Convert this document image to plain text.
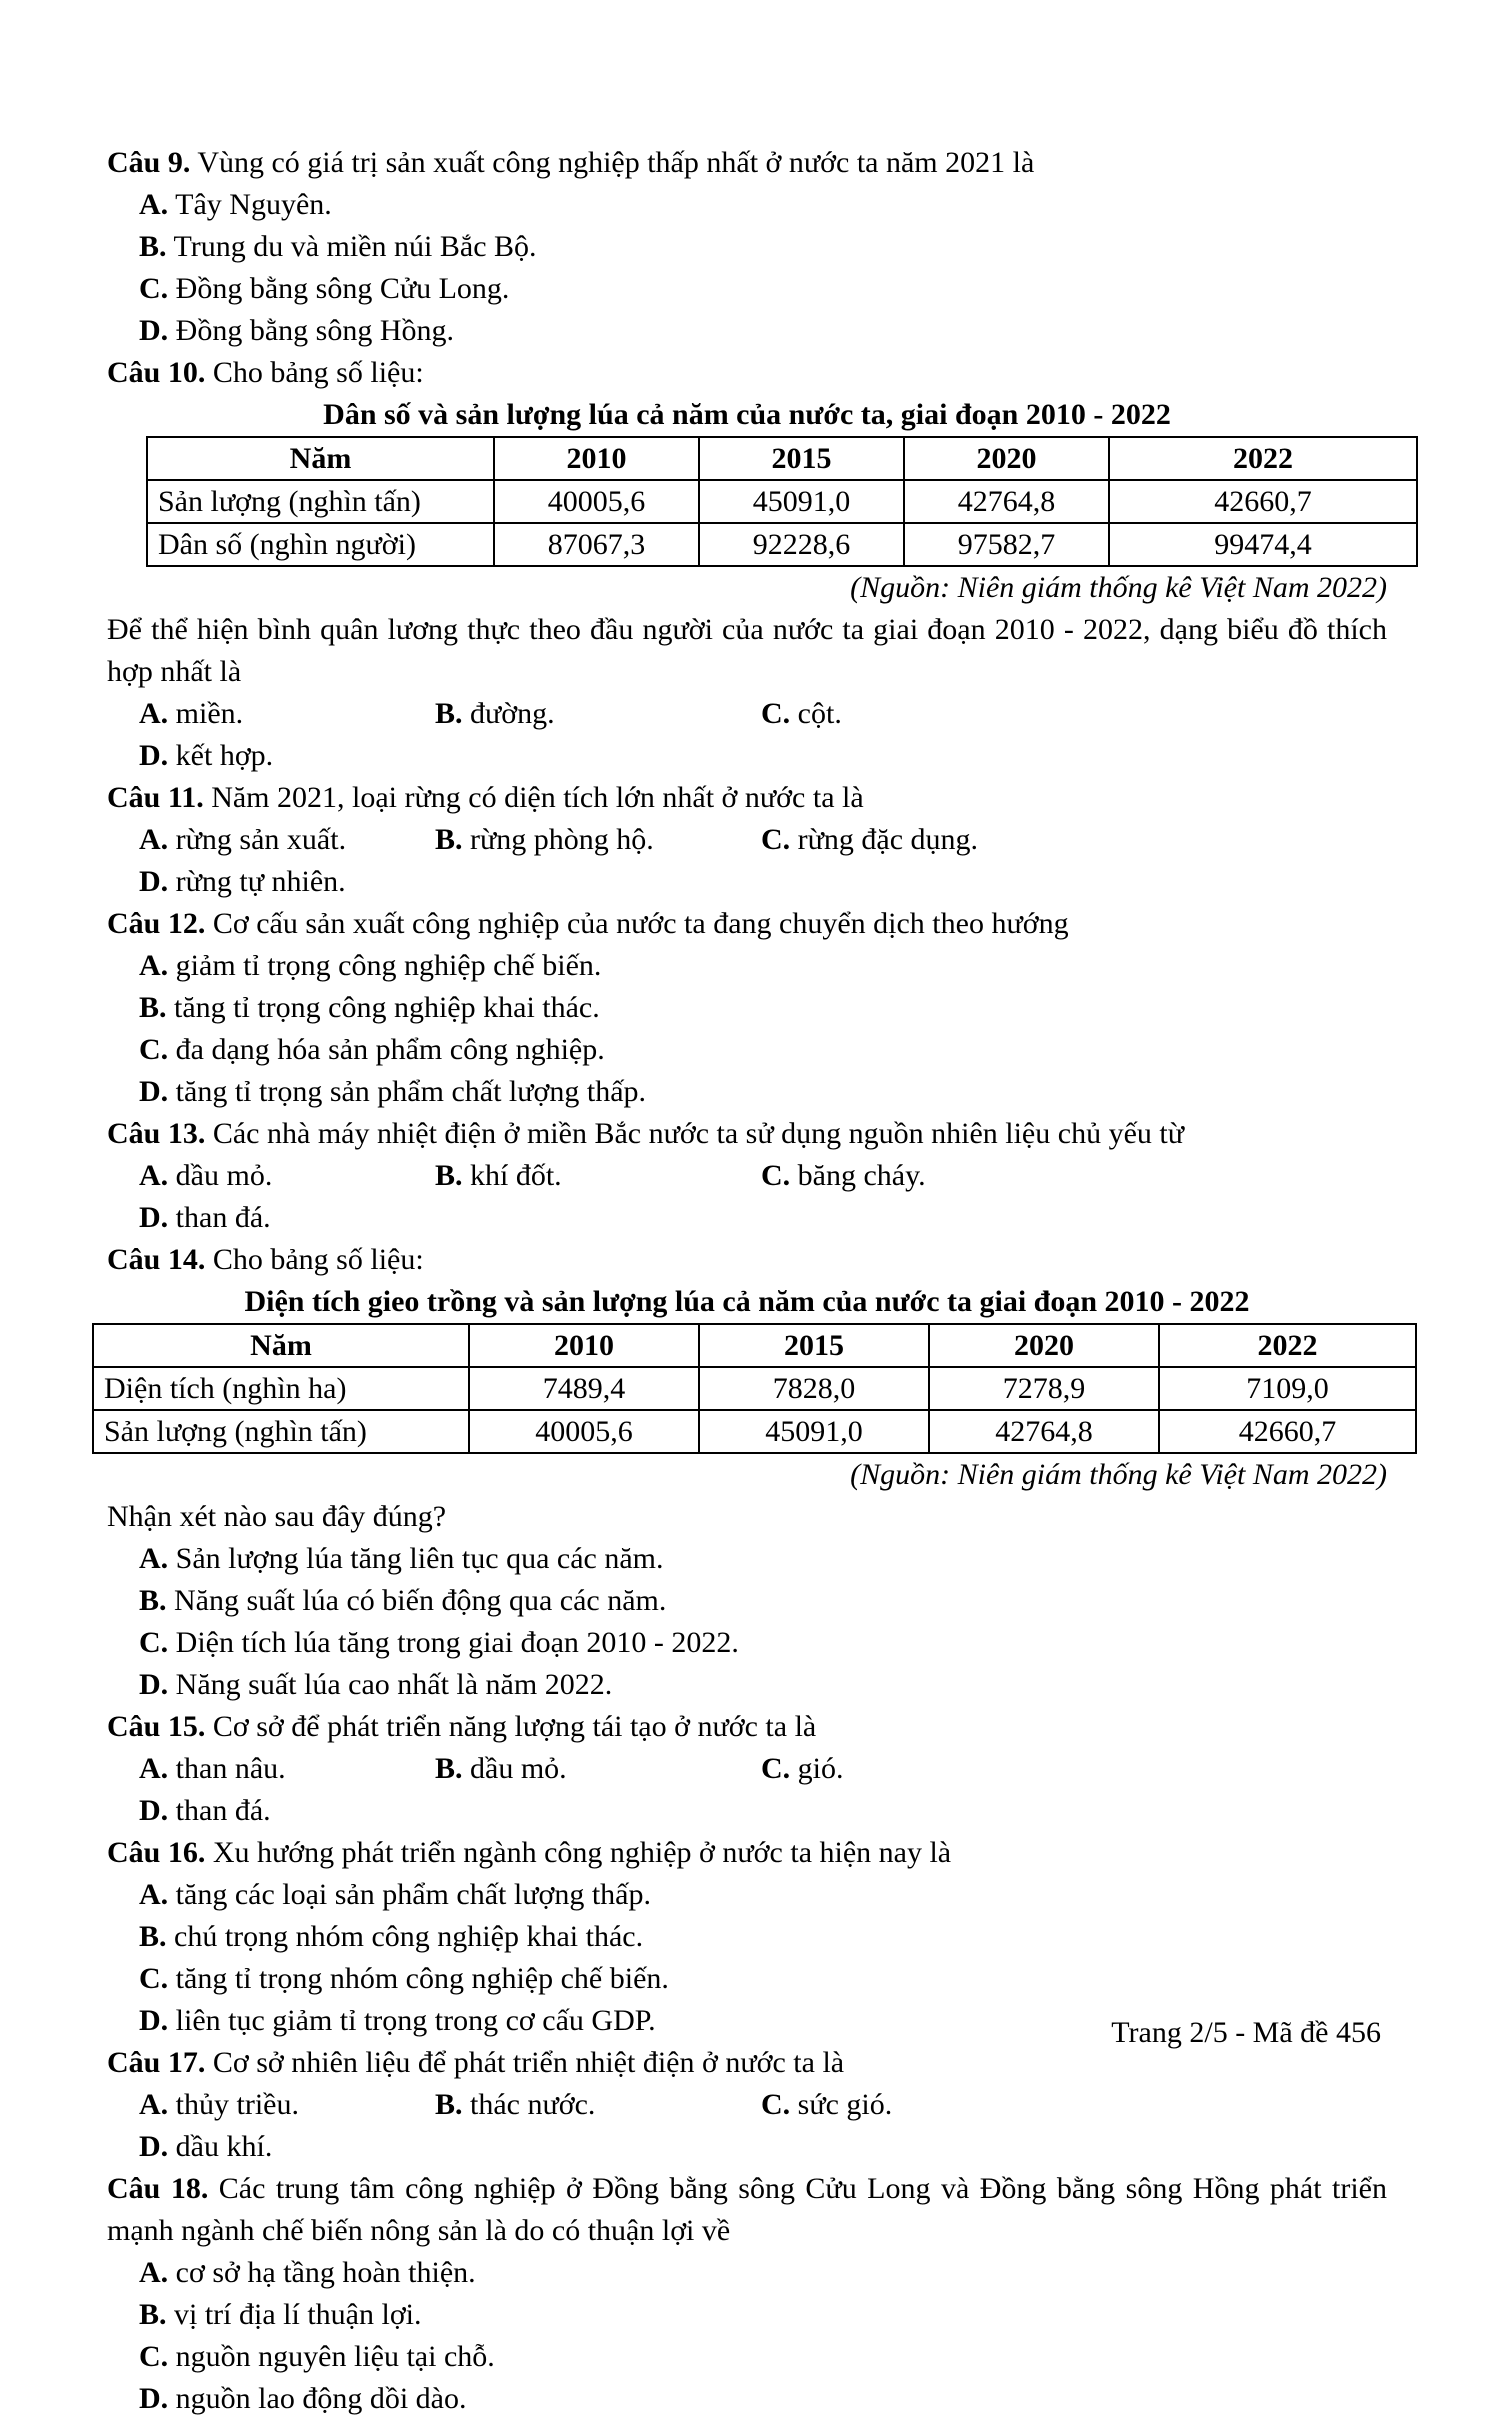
Câu 9. Vùng có giá trị sản xuất công nghiệp thấp nhất ở nước ta năm 2021 là

A. Tây Nguyên.
B. Trung du và miền núi Bắc Bộ.
C. Đồng bằng sông Cửu Long.
D. Đồng bằng sông Hồng.

Câu 10. Cho bảng số liệu:

Dân số và sản lượng lúa cả năm của nước ta, giai đoạn 2010 - 2022

Năm	2010	2015	2020	2022
Sản lượng (nghìn tấn)	40005,6	45091,0	42764,8	42660,7
Dân số (nghìn người)	87067,3	92228,6	97582,7	99474,4

(Nguồn: Niên giám thống kê Việt Nam 2022)

Để thể hiện bình quân lương thực theo đầu người của nước ta giai đoạn 2010 - 2022, dạng biểu đồ thích hợp nhất là

A. miền.	B. đường.	C. cột.
D. kết hợp.

Câu 11. Năm 2021, loại rừng có diện tích lớn nhất ở nước ta là

A. rừng sản xuất.	B. rừng phòng hộ.	C. rừng đặc dụng.
D. rừng tự nhiên.

Câu 12. Cơ cấu sản xuất công nghiệp của nước ta đang chuyển dịch theo hướng

A. giảm tỉ trọng công nghiệp chế biến.
B. tăng tỉ trọng công nghiệp khai thác.
C. đa dạng hóa sản phẩm công nghiệp.
D. tăng tỉ trọng sản phẩm chất lượng thấp.

Câu 13. Các nhà máy nhiệt điện ở miền Bắc nước ta sử dụng nguồn nhiên liệu chủ yếu từ

A. dầu mỏ.	B. khí đốt.	C. băng cháy.
D. than đá.

Câu 14. Cho bảng số liệu:

Diện tích gieo trồng và sản lượng lúa cả năm của nước ta giai đoạn 2010 - 2022

Năm	2010	2015	2020	2022
Diện tích (nghìn ha)	7489,4	7828,0	7278,9	7109,0
Sản lượng (nghìn tấn)	40005,6	45091,0	42764,8	42660,7

(Nguồn: Niên giám thống kê Việt Nam 2022)

Nhận xét nào sau đây đúng?

A. Sản lượng lúa tăng liên tục qua các năm.
B. Năng suất lúa có biến động qua các năm.
C. Diện tích lúa tăng trong giai đoạn 2010 - 2022.
D. Năng suất lúa cao nhất là năm 2022.

Câu 15. Cơ sở để phát triển năng lượng tái tạo ở nước ta là

A. than nâu.	B. dầu mỏ.	C. gió.
D. than đá.

Câu 16. Xu hướng phát triển ngành công nghiệp ở nước ta hiện nay là

A. tăng các loại sản phẩm chất lượng thấp.
B. chú trọng nhóm công nghiệp khai thác.
C. tăng tỉ trọng nhóm công nghiệp chế biến.
D. liên tục giảm tỉ trọng trong cơ cấu GDP.

Câu 17. Cơ sở nhiên liệu để phát triển nhiệt điện ở nước ta là

A. thủy triều.	B. thác nước.	C. sức gió.
D. dầu khí.

Câu 18. Các trung tâm công nghiệp ở Đồng bằng sông Cửu Long và Đồng bằng sông Hồng phát triển mạnh ngành chế biến nông sản là do có thuận lợi về

A. cơ sở hạ tầng hoàn thiện.
B. vị trí địa lí thuận lợi.
C. nguồn nguyên liệu tại chỗ.
D. nguồn lao động dồi dào.
Trang 2/5 - Mã đề 456
